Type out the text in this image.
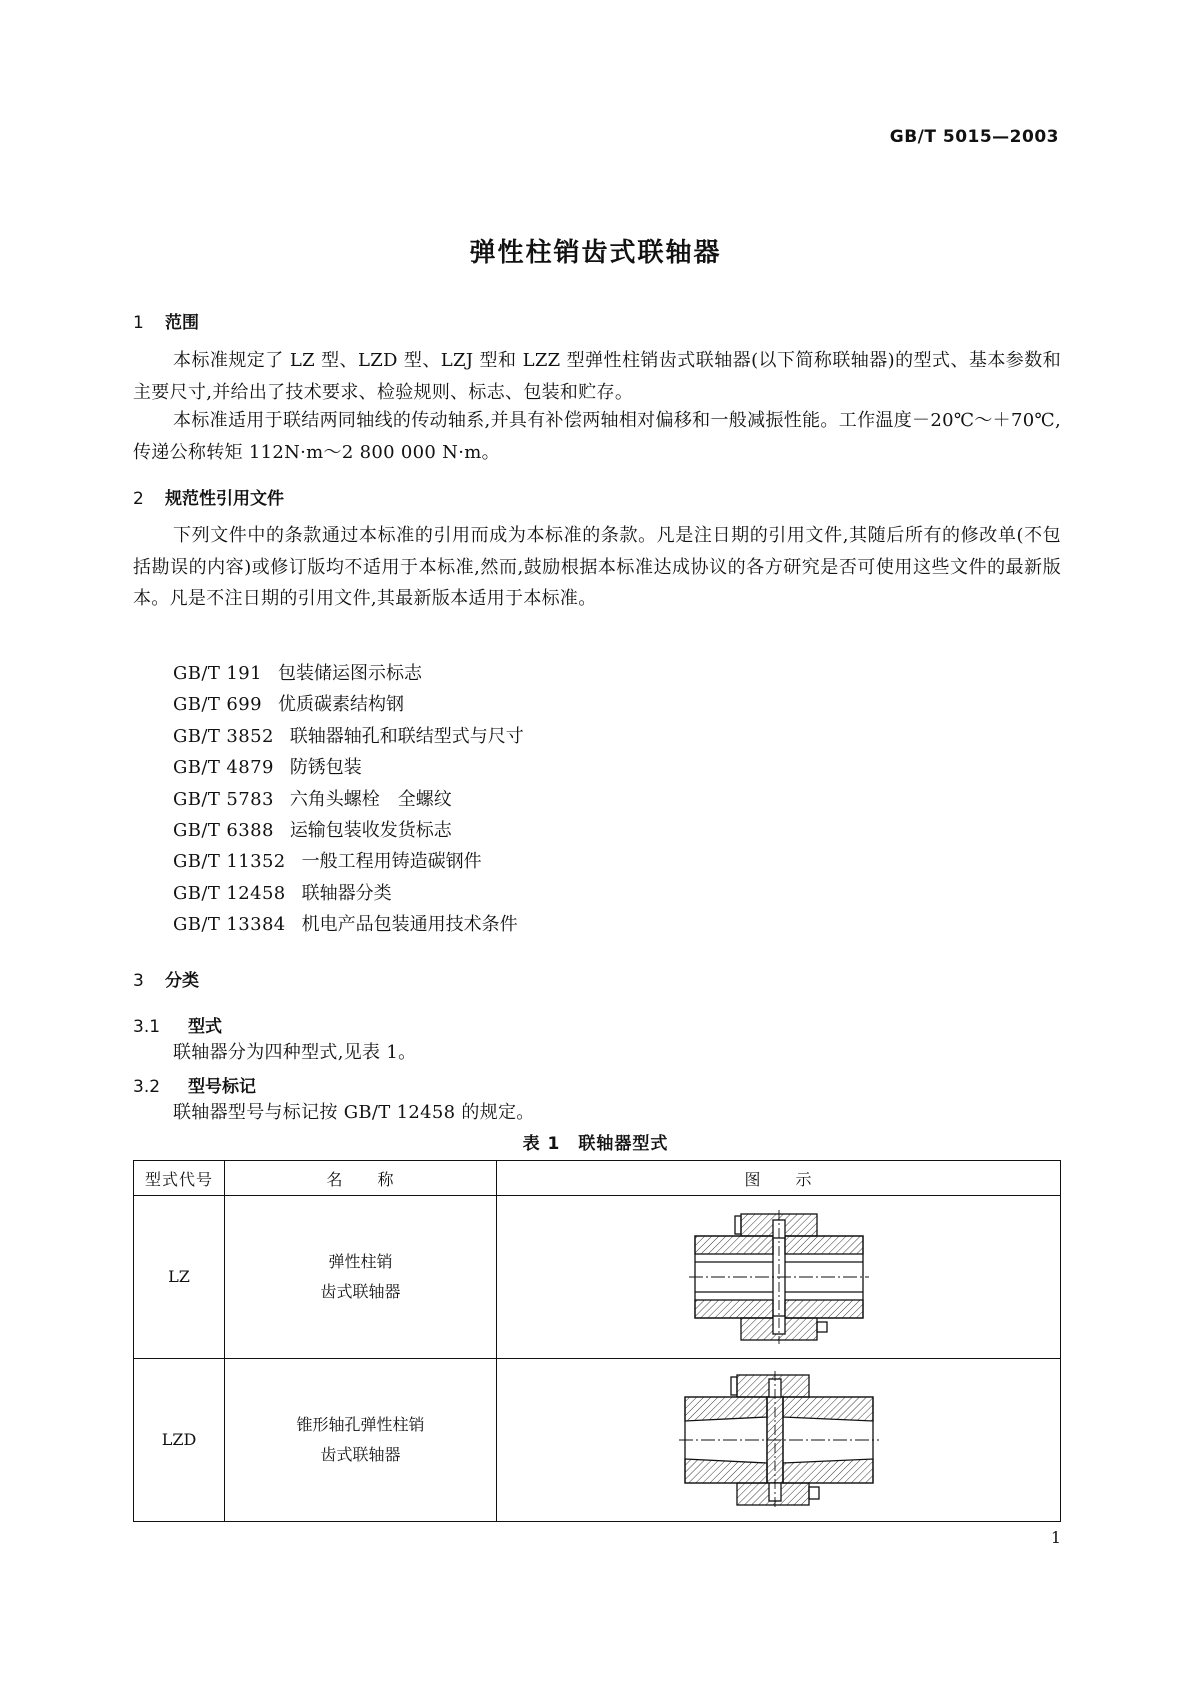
GB/T 5015—2003
弹性柱销齿式联轴器
1 范围
本标准规定了 LZ 型、LZD 型、LZJ 型和 LZZ 型弹性柱销齿式联轴器(以下简称联轴器)的型式、基本参数和主要尺寸,并给出了技术要求、检验规则、标志、包装和贮存。
本标准适用于联结两同轴线的传动轴系,并具有补偿两轴相对偏移和一般减振性能。工作温度－20℃～＋70℃,传递公称转矩 112N·m～2 800 000 N·m。
2 规范性引用文件
下列文件中的条款通过本标准的引用而成为本标准的条款。凡是注日期的引用文件,其随后所有的修改单(不包括勘误的内容)或修订版均不适用于本标准,然而,鼓励根据本标准达成协议的各方研究是否可使用这些文件的最新版本。凡是不注日期的引用文件,其最新版本适用于本标准。
GB/T 191 包装储运图示标志
GB/T 699 优质碳素结构钢
GB/T 3852 联轴器轴孔和联结型式与尺寸
GB/T 4879 防锈包装
GB/T 5783 六角头螺栓　全螺纹
GB/T 6388 运输包装收发货标志
GB/T 11352 一般工程用铸造碳钢件
GB/T 12458 联轴器分类
GB/T 13384 机电产品包装通用技术条件
3 分类
3.1 型式
联轴器分为四种型式,见表 1。
3.2 型号标记
联轴器型号与标记按 GB/T 12458 的规定。
表 1　联轴器型式
型式代号	名　　称	图　　示
LZ	弹性柱销
齿式联轴器

LZD	锥形轴孔弹性柱销
齿式联轴器

1
